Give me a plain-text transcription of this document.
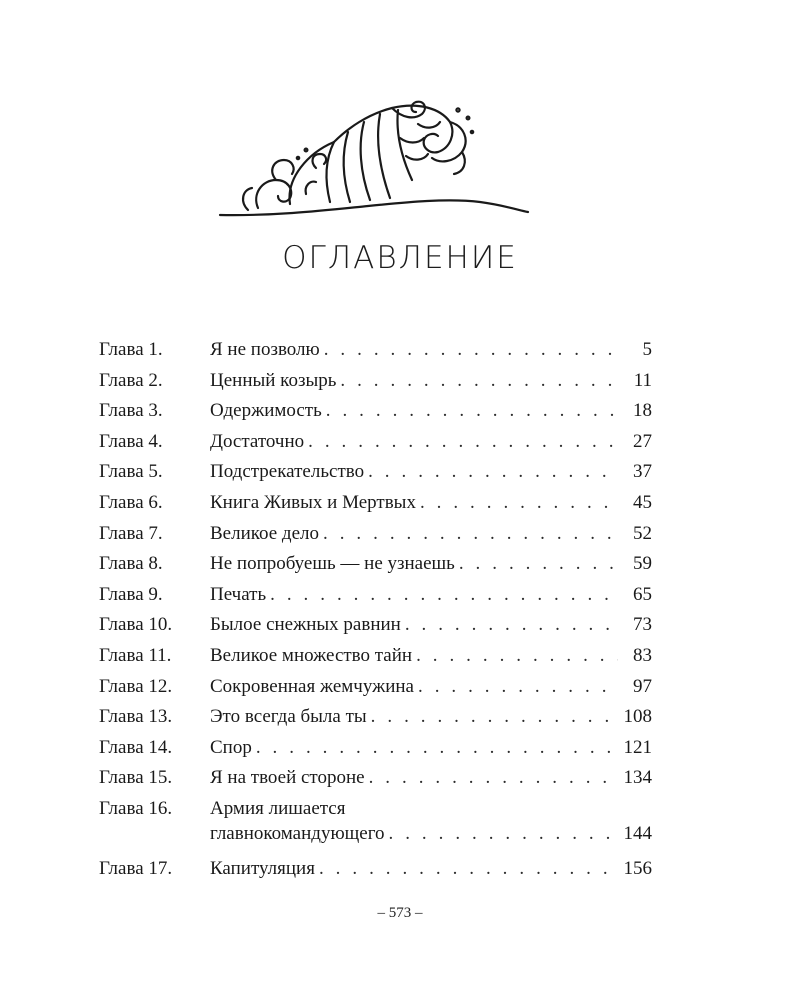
ОГЛАВЛЕНИЕ
Глава 1. Я не позволю . . .	5
Глава 2. Ценный козырь . . .	11
Глава 3. Одержимость . . .	18
Глава 4. Достаточно . . .	27
Глава 5. Подстрекательство . . .	37
Глава 6. Книга Живых и Мертвых . . .	45
Глава 7. Великое дело . . .	52
Глава 8. Не попробуешь — не узнаешь . . .	59
Глава 9. Печать . . .	65
Глава 10. Былое снежных равнин . . .	73
Глава 11. Великое множество тайн . . .	83
Глава 12. Сокровенная жемчужина . . .	97
Глава 13. Это всегда была ты . . .	108
Глава 14. Спор . . .	121
Глава 15. Я на твоей стороне . . .	134
Глава 16. Армия лишается
главнокомандующего . . .	144
Глава 17. Капитуляция . . .	156
– 573 –
